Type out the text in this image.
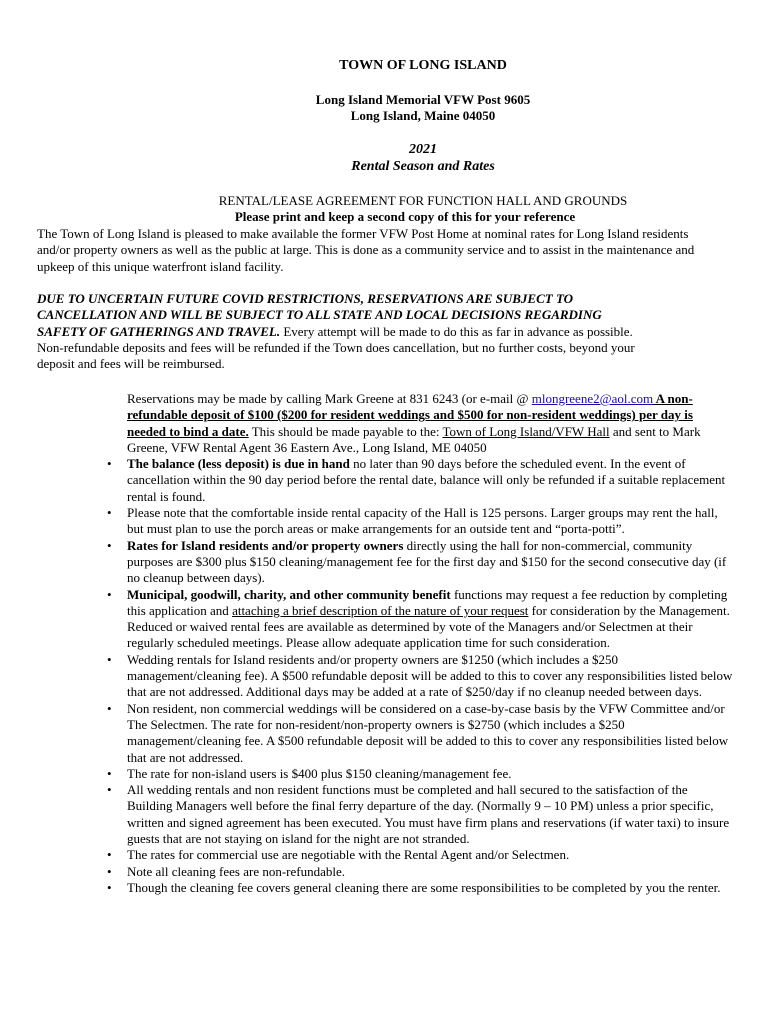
TOWN OF LONG ISLAND
Long Island Memorial VFW Post 9605
Long Island, Maine 04050
2021
Rental Season and Rates
RENTAL/LEASE AGREEMENT FOR FUNCTION HALL AND GROUNDS
Please print and keep a second copy of this for your reference
The Town of Long Island is pleased to make available the former VFW Post Home at nominal rates for Long Island residents and/or property owners as well as the public at large. This is done as a community service and to assist in the maintenance and upkeep of this unique waterfront island facility.
DUE TO UNCERTAIN FUTURE COVID RESTRICTIONS, RESERVATIONS ARE SUBJECT TO CANCELLATION AND WILL BE SUBJECT TO ALL STATE AND LOCAL DECISIONS REGARDING SAFETY OF GATHERINGS AND TRAVEL. Every attempt will be made to do this as far in advance as possible. Non-refundable deposits and fees will be refunded if the Town does cancellation, but no further costs, beyond your deposit and fees will be reimbursed.
Reservations may be made by calling Mark Greene at 831 6243 (or e-mail @ mlongreene2@aol.com A non-refundable deposit of $100 ($200 for resident weddings and $500 for non-resident weddings) per day is needed to bind a date. This should be made payable to the: Town of Long Island/VFW Hall and sent to Mark Greene, VFW Rental Agent 36 Eastern Ave., Long Island, ME 04050
• The balance (less deposit) is due in hand no later than 90 days before the scheduled event. In the event of cancellation within the 90 day period before the rental date, balance will only be refunded if a suitable replacement rental is found.
• Please note that the comfortable inside rental capacity of the Hall is 125 persons. Larger groups may rent the hall, but must plan to use the porch areas or make arrangements for an outside tent and “porta-potti”.
• Rates for Island residents and/or property owners directly using the hall for non-commercial, community purposes are $300 plus $150 cleaning/management fee for the first day and $150 for the second consecutive day (if no cleanup between days).
• Municipal, goodwill, charity, and other community benefit functions may request a fee reduction by completing this application and attaching a brief description of the nature of your request for consideration by the Management. Reduced or waived rental fees are available as determined by vote of the Managers and/or Selectmen at their regularly scheduled meetings. Please allow adequate application time for such consideration.
• Wedding rentals for Island residents and/or property owners are $1250 (which includes a $250 management/cleaning fee). A $500 refundable deposit will be added to this to cover any responsibilities listed below that are not addressed. Additional days may be added at a rate of $250/day if no cleanup needed between days.
• Non resident, non commercial weddings will be considered on a case-by-case basis by the VFW Committee and/or The Selectmen. The rate for non-resident/non-property owners is $2750 (which includes a $250 management/cleaning fee. A $500 refundable deposit will be added to this to cover any responsibilities listed below that are not addressed.
• The rate for non-island users is $400 plus $150 cleaning/management fee.
• All wedding rentals and non resident functions must be completed and hall secured to the satisfaction of the Building Managers well before the final ferry departure of the day. (Normally 9 – 10 PM) unless a prior specific, written and signed agreement has been executed. You must have firm plans and reservations (if water taxi) to insure guests that are not staying on island for the night are not stranded.
• The rates for commercial use are negotiable with the Rental Agent and/or Selectmen.
• Note all cleaning fees are non-refundable.
• Though the cleaning fee covers general cleaning there are some responsibilities to be completed by you the renter.
